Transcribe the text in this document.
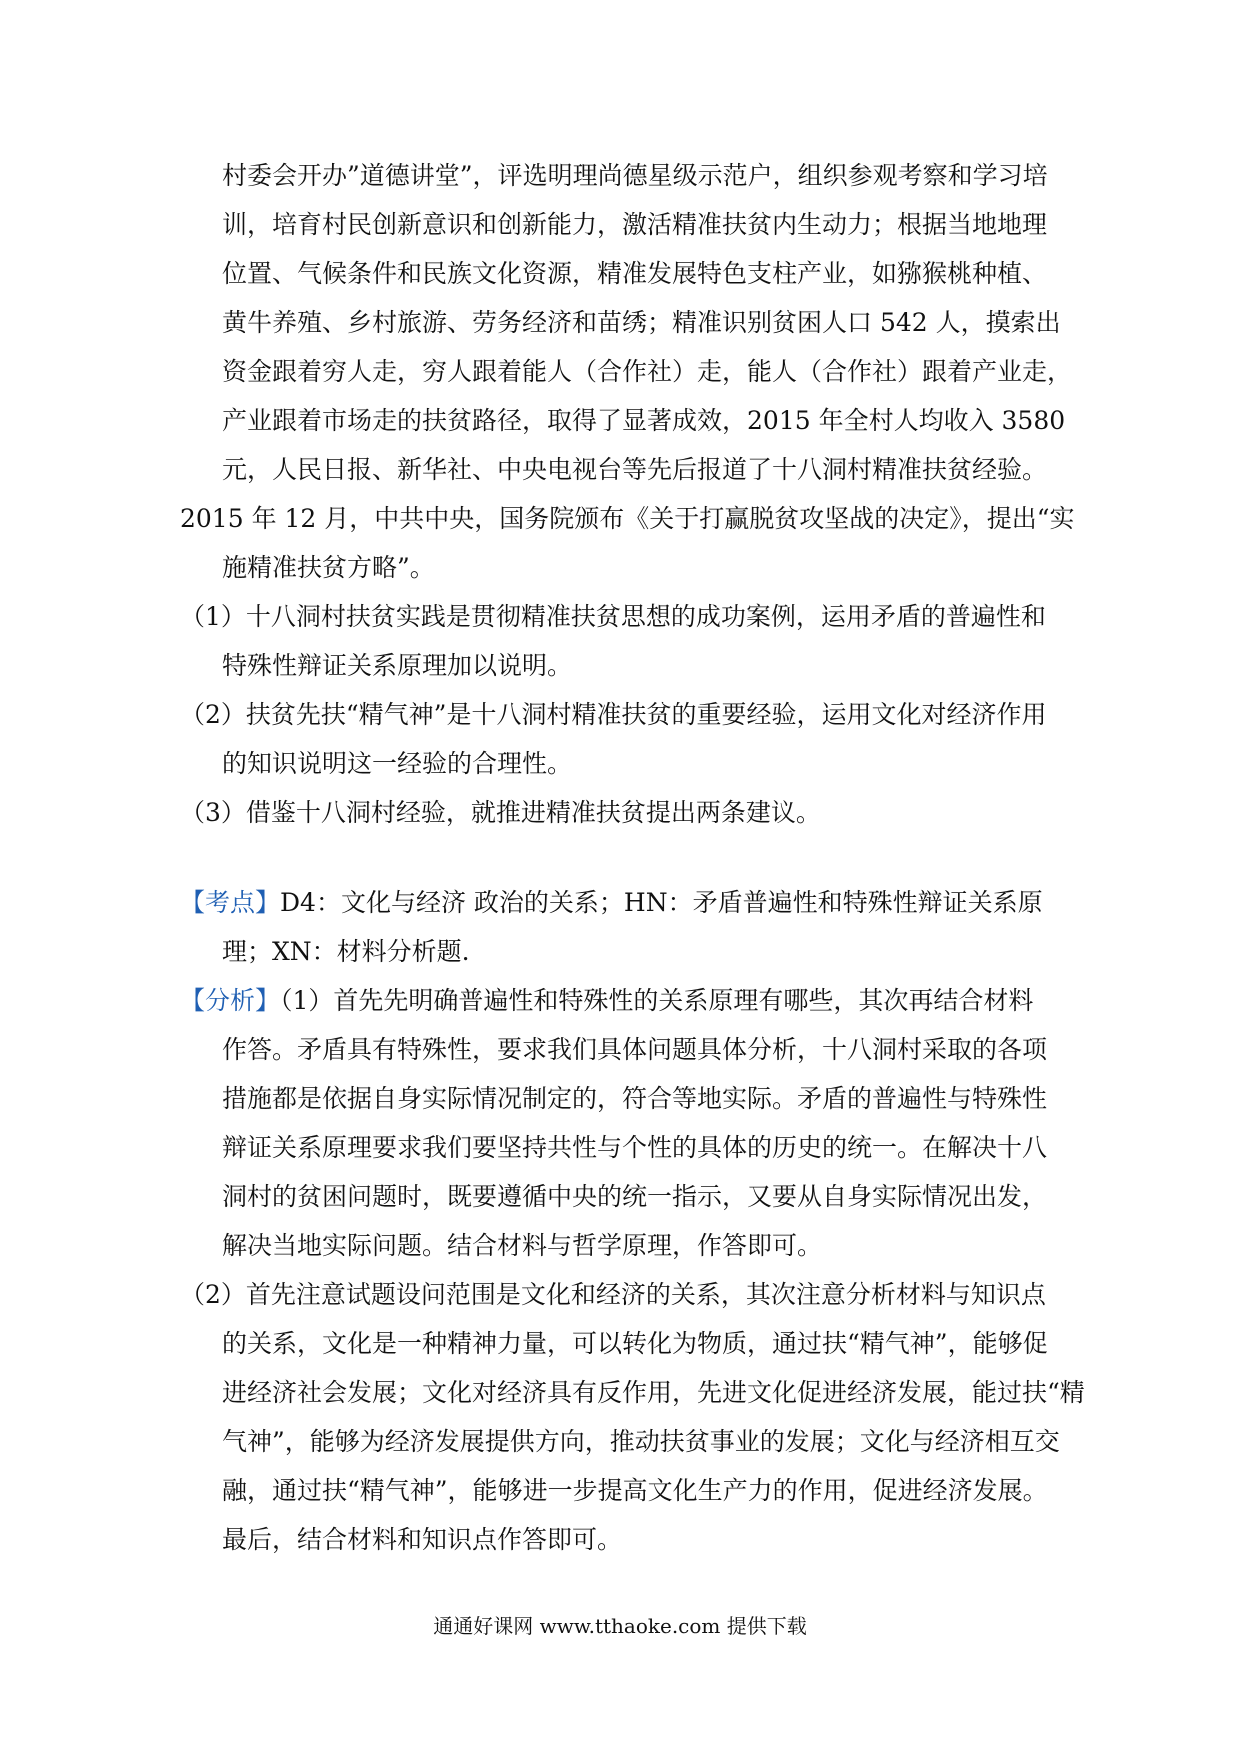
村委会开办”道德讲堂”，评选明理尚德星级示范户，组织参观考察和学习培
训，培育村民创新意识和创新能力，激活精准扶贫内生动力；根据当地地理
位置、气候条件和民族文化资源，精准发展特色支柱产业，如猕猴桃种植、
黄牛养殖、乡村旅游、劳务经济和苗绣；精准识别贫困人口 542 人，摸索出
资金跟着穷人走，穷人跟着能人（合作社）走，能人（合作社）跟着产业走，
产业跟着市场走的扶贫路径，取得了显著成效，2015 年全村人均收入 3580
元，人民日报、新华社、中央电视台等先后报道了十八洞村精准扶贫经验。
2015 年 12 月，中共中央，国务院颁布《关于打赢脱贫攻坚战的决定》，提出“实
施精准扶贫方略”。
（1）十八洞村扶贫实践是贯彻精准扶贫思想的成功案例，运用矛盾的普遍性和
特殊性辩证关系原理加以说明。
（2）扶贫先扶“精气神”是十八洞村精准扶贫的重要经验，运用文化对经济作用
的知识说明这一经验的合理性。
（3）借鉴十八洞村经验，就推进精准扶贫提出两条建议。
【考点】D4：文化与经济 政治的关系；HN：矛盾普遍性和特殊性辩证关系原
理；XN：材料分析题.
【分析】（1）首先先明确普遍性和特殊性的关系原理有哪些，其次再结合材料
作答。矛盾具有特殊性，要求我们具体问题具体分析，十八洞村采取的各项
措施都是依据自身实际情况制定的，符合等地实际。矛盾的普遍性与特殊性
辩证关系原理要求我们要坚持共性与个性的具体的历史的统一。在解决十八
洞村的贫困问题时，既要遵循中央的统一指示，又要从自身实际情况出发，
解决当地实际问题。结合材料与哲学原理，作答即可。
（2）首先注意试题设问范围是文化和经济的关系，其次注意分析材料与知识点
的关系，文化是一种精神力量，可以转化为物质，通过扶“精气神”，能够促
进经济社会发展；文化对经济具有反作用，先进文化促进经济发展，能过扶“精
气神”，能够为经济发展提供方向，推动扶贫事业的发展；文化与经济相互交
融，通过扶“精气神”，能够进一步提高文化生产力的作用，促进经济发展。
最后，结合材料和知识点作答即可。
通通好课网 www.tthaoke.com 提供下载
